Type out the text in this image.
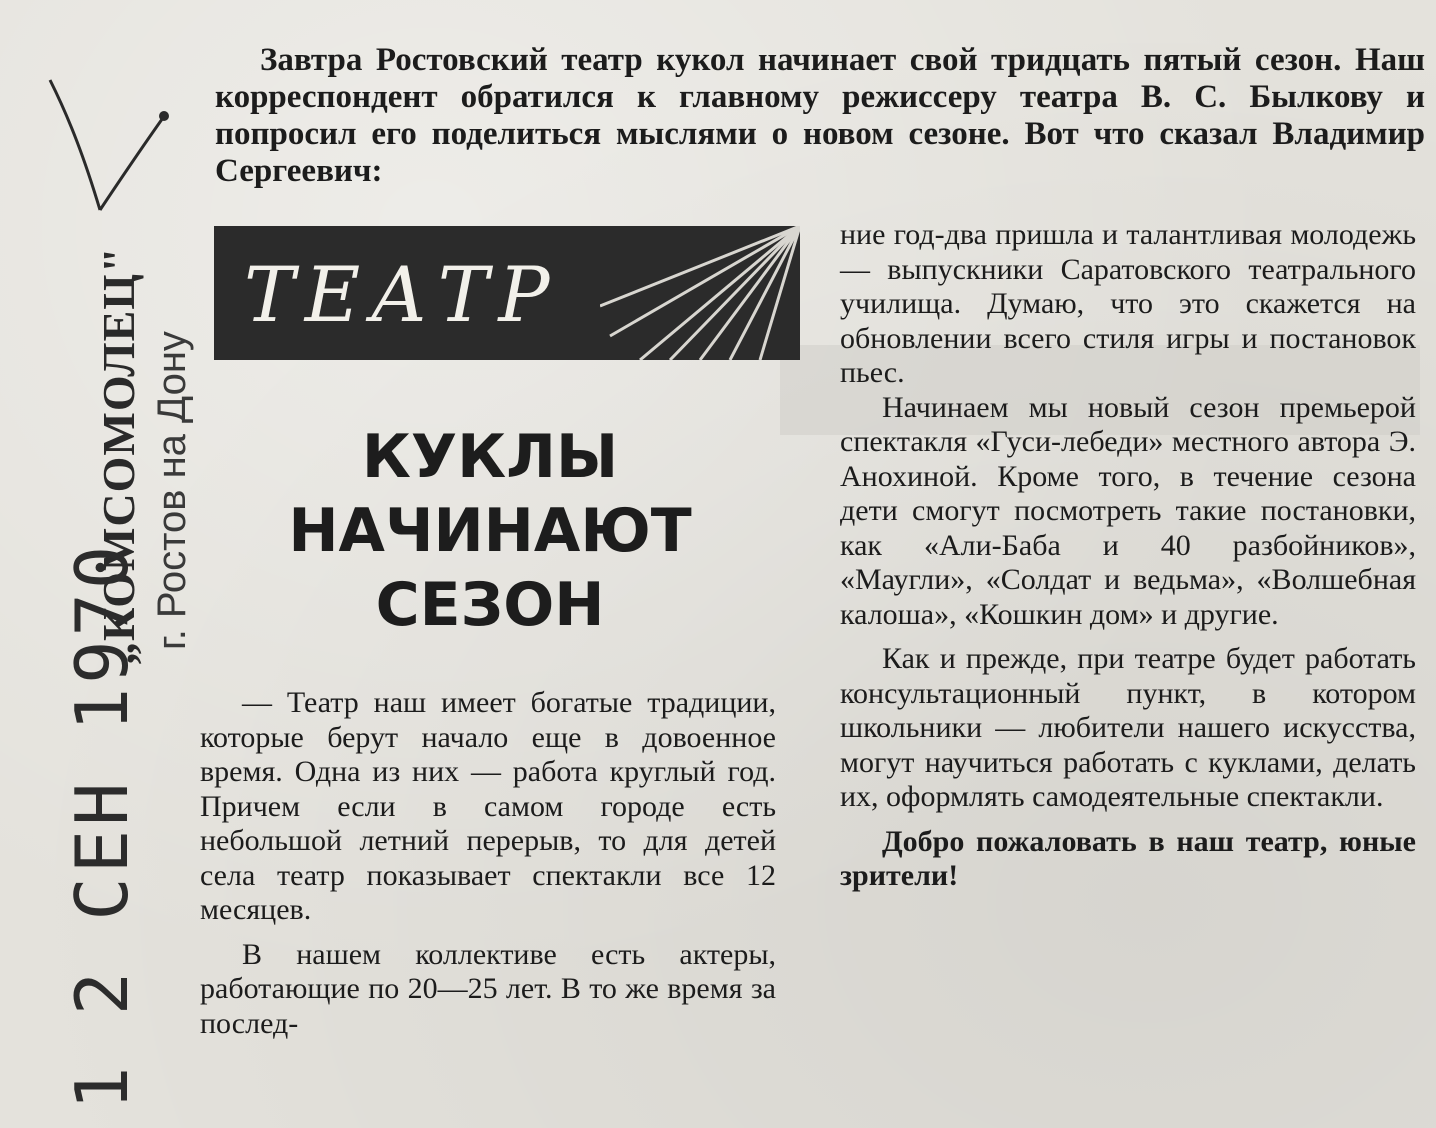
„КОМСОМОЛЕЦ" г. Ростов на Дону
1 2 СЕН 1970
Завтра Ростовский театр кукол начинает свой тридцать пятый сезон. Наш корреспондент обратился к главному режиссеру театра В. С. Былкову и попросил его поделиться мыслями о новом сезоне. Вот что сказал Владимир Сергеевич:
ТЕАТР
КУКЛЫ
НАЧИНАЮТ
СЕЗОН

— Театр наш имеет богатые традиции, которые берут начало еще в довоенное время. Одна из них — работа круглый год. Причем если в самом городе есть небольшой летний перерыв, то для детей села театр показывает спектакли все 12 месяцев.

В нашем коллективе есть актеры, работающие по 20—25 лет. В то же время за послед-

ние год-два пришла и талантливая молодежь — выпускники Саратовского театрального училища. Думаю, что это скажется на обновлении всего стиля игры и постановок пьес.

Начинаем мы новый сезон премьерой спектакля «Гуси-лебеди» местного автора Э. Анохиной. Кроме того, в течение сезона дети смогут посмотреть такие постановки, как «Али-Баба и 40 разбойников», «Маугли», «Солдат и ведьма», «Волшебная калоша», «Кошкин дом» и другие.

Как и прежде, при театре будет работать консультационный пункт, в котором школьники — любители нашего искусства, могут научиться работать с куклами, делать их, оформлять самодеятельные спектакли.

Добро пожаловать в наш театр, юные зрители!
